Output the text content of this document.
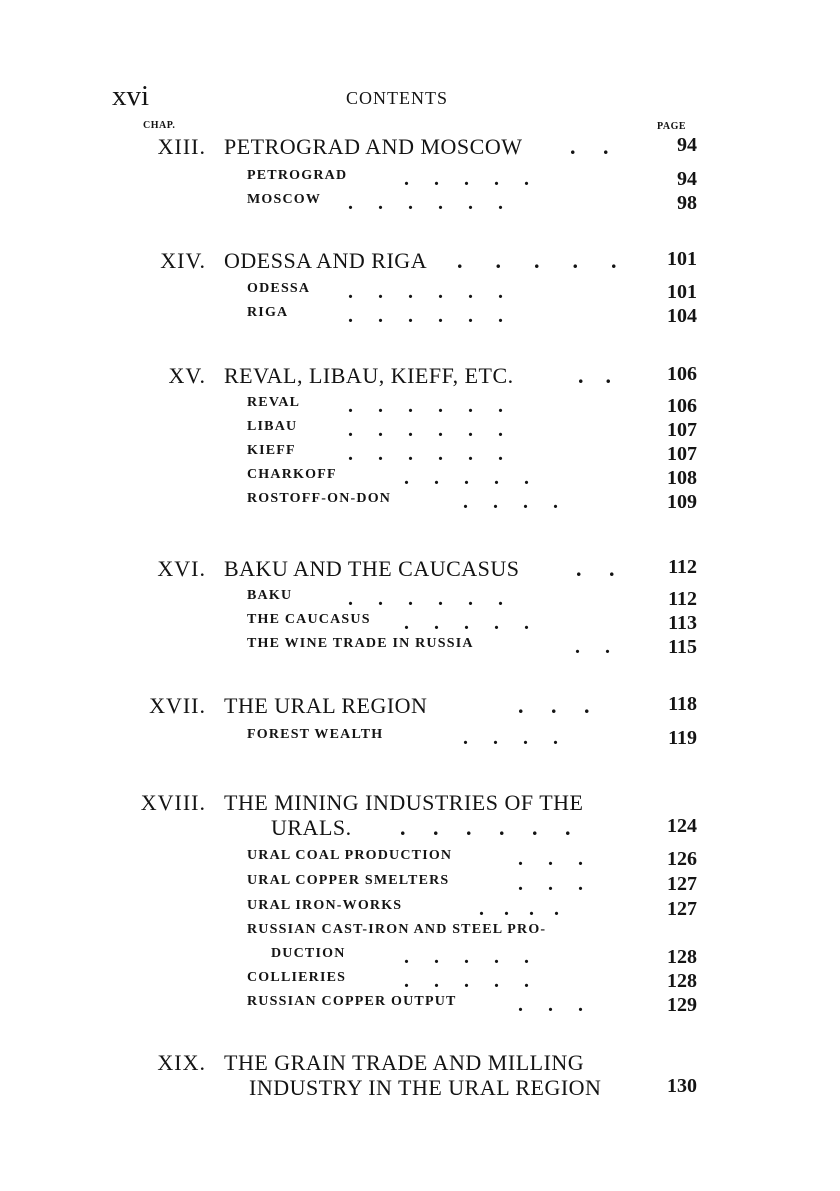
xvi	CONTENTS
CHAP.	PAGE
XIII. PETROGRAD AND MOSCOW .     .	94
PETROGRAD	.     .     .     .     .	94
MOSCOW .     .     .     .     .     .	98
XIV. ODESSA AND RIGA .      .      .      .      .	101
ODESSA .     .     .     .     .     .	101
RIGA	.     .     .     .     .     .	104
XV. REVAL, LIBAU, KIEFF, ETC.	.    .	106
REVAL .     .     .     .     .     .	106
LIBAU	.     .     .     .     .     .	107
KIEFF	.     .     .     .     .     .	107
CHARKOFF	.     .     .     .     .	108
ROSTOFF-ON-DON	.     .     .     .	109
XVI. BAKU AND THE CAUCASUS	.     .	112
BAKU	.     .     .     .     .     .	112
THE CAUCASUS .     .     .     .     .	113
THE WINE TRADE IN RUSSIA	.     .	115
XVII. THE URAL REGION	.     .     .	118
FOREST WEALTH	.     .     .     .	119
XVIII. THE MINING INDUSTRIES OF THE
URALS. .     .     .     .     .     .	124
URAL COAL PRODUCTION	.     .     .	126
URAL COPPER SMELTERS	.     .     .	127
URAL IRON-WORKS	.    .    .    .	127
RUSSIAN CAST-IRON AND STEEL PRO-
DUCTION	.     .     .     .     .	128
COLLIERIES	.     .     .     .     .	128
RUSSIAN COPPER OUTPUT	.     .     .	129
XIX. THE GRAIN TRADE AND MILLING
INDUSTRY IN THE URAL REGION	130
